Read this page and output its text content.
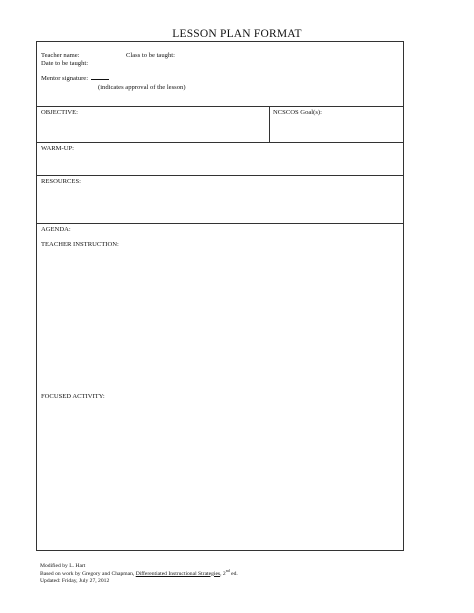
LESSON PLAN FORMAT
Teacher name:	Class to be taught:
Date to be taught:
Mentor signature:
(indicates approval of the lesson)
OBJECTIVE:	NCSCOS Goal(s):
WARM-UP:
RESOURCES:
AGENDA:
TEACHER INSTRUCTION:
FOCUSED ACTIVITY:
Modified by L. Hart
Based on work by Gregory and Chapman, Differentiated Instructional Strategies, 2nd ed.
Updated: Friday, July 27, 2012
